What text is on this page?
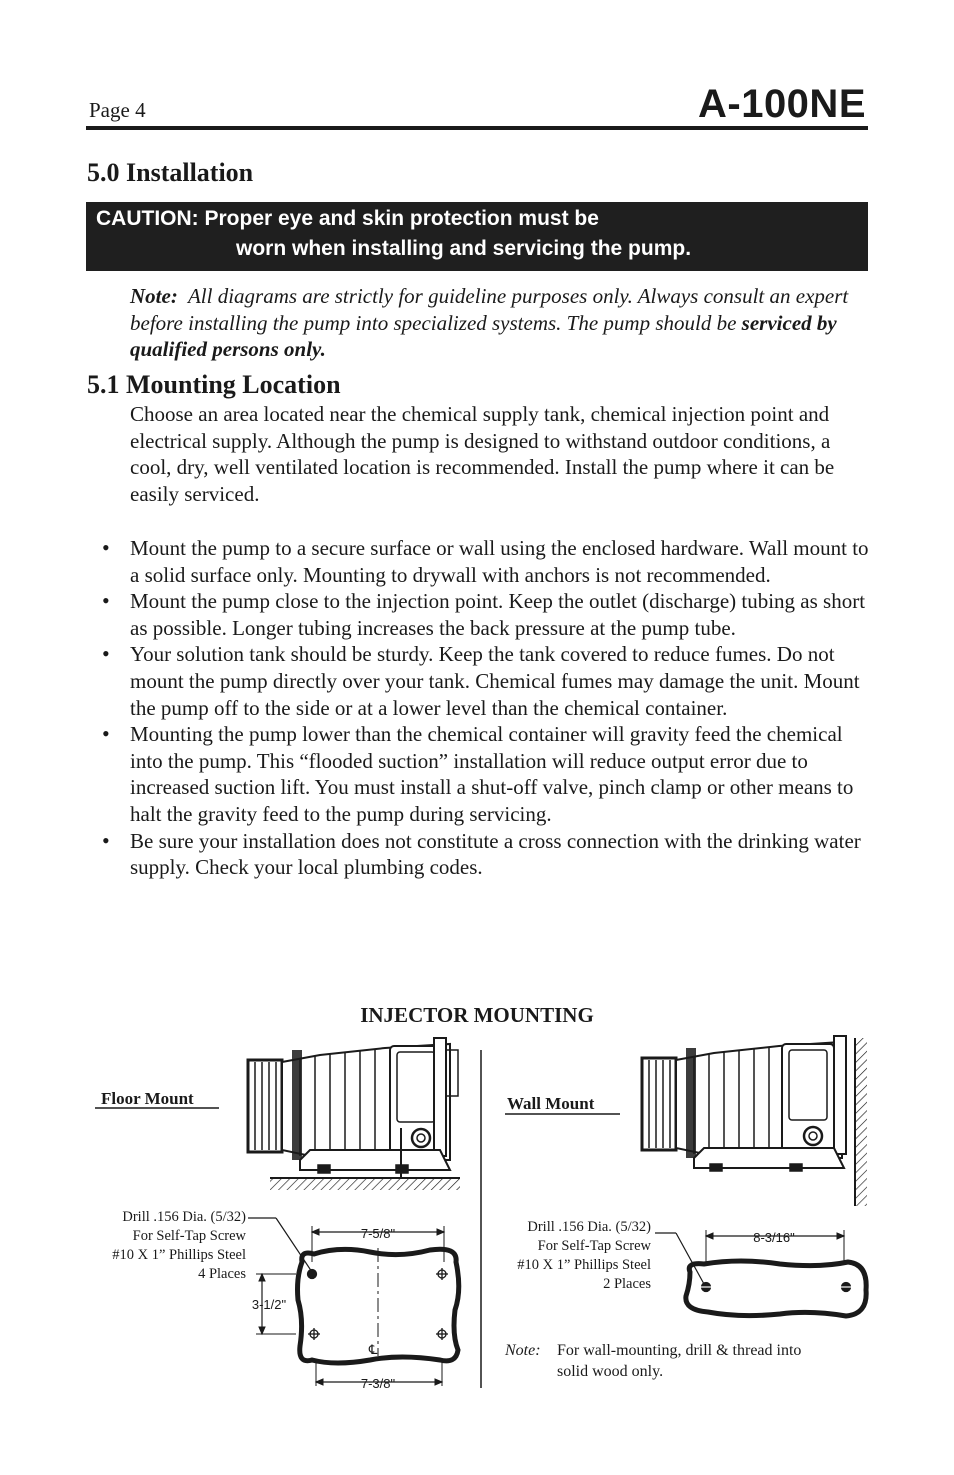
Page 4	A-100NE
5.0 Installation
CAUTION: Proper eye and skin protection must be
worn when installing and servicing the pump.
Note: All diagrams are strictly for guideline purposes only. Always consult an expert before installing the pump into specialized systems. The pump should be serviced by qualified persons only.
5.1 Mounting Location
Choose an area located near the chemical supply tank, chemical injection point and electrical supply. Although the pump is designed to withstand outdoor conditions, a cool, dry, well ventilated location is recommended. Install the pump where it can be easily serviced.
• Mount the pump to a secure surface or wall using the enclosed hardware. Wall mount to a solid surface only. Mounting to drywall with anchors is not recommended.
• Mount the pump close to the injection point. Keep the outlet (discharge) tubing as short as possible. Longer tubing increases the back pressure at the pump tube.
• Your solution tank should be sturdy. Keep the tank covered to reduce fumes. Do not mount the pump directly over your tank. Chemical fumes may damage the unit. Mount the pump off to the side or at a lower level than the chemical container.
• Mounting the pump lower than the chemical container will gravity feed the chemical into the pump. This “flooded suction” installation will reduce output error due to increased suction lift. You must install a shut-off valve, pinch clamp or other means to halt the gravity feed to the pump during servicing.
• Be sure your installation does not constitute a cross connection with the drinking water supply. Check your local plumbing codes.
INJECTOR MOUNTING
7-5/8"
3-1/2"
7-3/8"
℄
8-3/16"
Floor Mount
Drill .156 Dia. (5/32)
For Self-Tap Screw
#10 X 1” Phillips Steel
4 Places
Wall Mount
Drill .156 Dia. (5/32)
For Self-Tap Screw
#10 X 1” Phillips Steel
2 Places
Note: For wall-mounting, drill & thread into
solid wood only.
